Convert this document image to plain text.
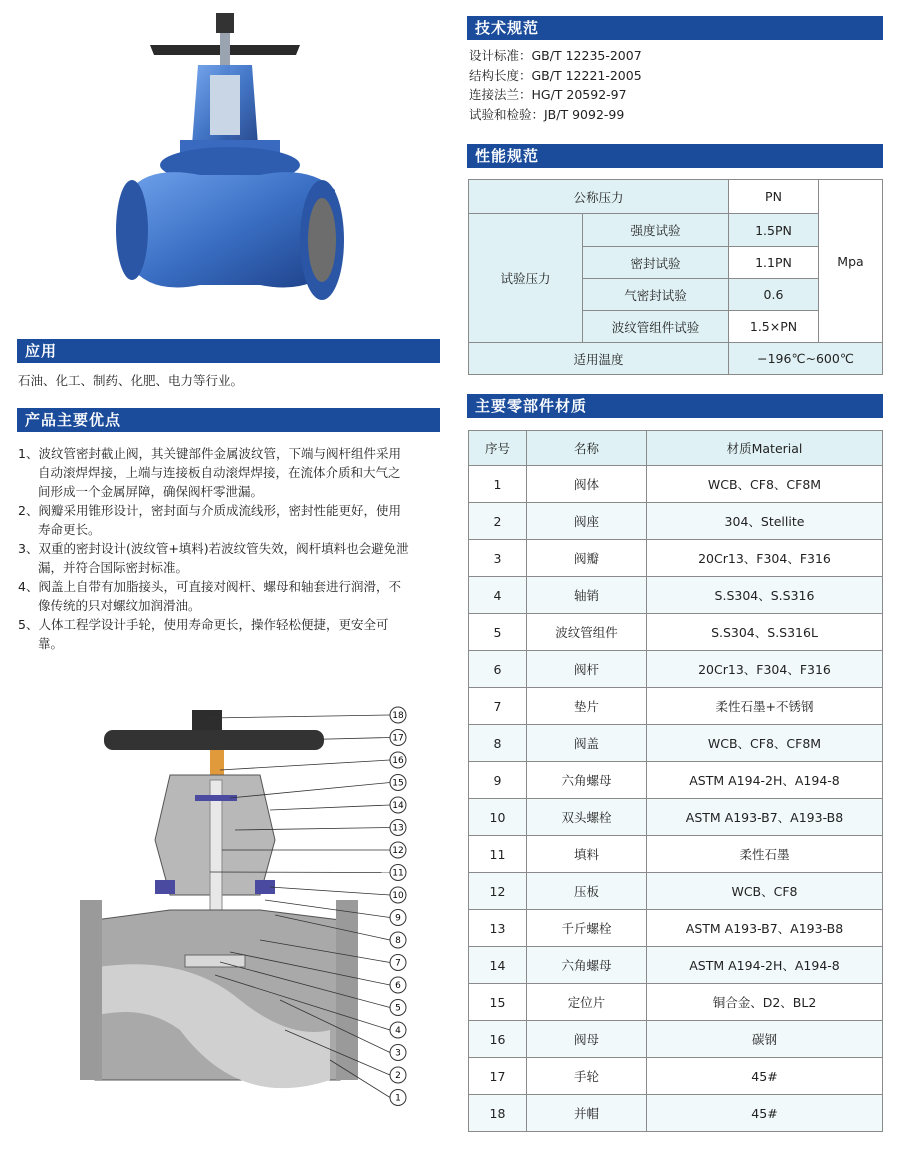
应用
石油、化工、制药、化肥、电力等行业。
产品主要优点
1、波纹管密封截止阀，其关键部件金属波纹管，下端与阀杆组件采用
自动滚焊焊接，上端与连接板自动滚焊焊接，在流体介质和大气之
间形成一个金属屏障，确保阀杆零泄漏。
2、阀瓣采用锥形设计，密封面与介质成流线形，密封性能更好，使用
寿命更长。
3、双重的密封设计(波纹管+填料)若波纹管失效，阀杆填料也会避免泄
漏，并符合国际密封标准。
4、阀盖上自带有加脂接头，可直接对阀杆、螺母和轴套进行润滑，不
像传统的只对螺纹加润滑油。
5、人体工程学设计手轮，使用寿命更长，操作轻松便捷，更安全可
靠。
18
17
16
15
14
13
12
11
10
9
8
7
6
5
4
3
2
1
技术规范
设计标准：GB/T 12235-2007
结构长度：GB/T 12221-2005
连接法兰：HG/T 20592-97
试验和检验：JB/T 9092-99
性能规范
公称压力		PN	Mpa
试验压力	强度试验	1.5PN	
	密封试验	1.1PN	
	气密封试验	0.6	
	波纹管组件试验	1.5×PN	
适用温度		−196℃~600℃	
主要零部件材质
序号	名称	材质Material
1	阀体	WCB、CF8、CF8M
2	阀座	304、Stellite
3	阀瓣	20Cr13、F304、F316
4	轴销	S.S304、S.S316
5	波纹管组件	S.S304、S.S316L
6	阀杆	20Cr13、F304、F316
7	垫片	柔性石墨+不锈钢
8	阀盖	WCB、CF8、CF8M
9	六角螺母	ASTM A194-2H、A194-8
10	双头螺栓	ASTM A193-B7、A193-B8
11	填料	柔性石墨
12	压板	WCB、CF8
13	千斤螺栓	ASTM A193-B7、A193-B8
14	六角螺母	ASTM A194-2H、A194-8
15	定位片	铜合金、D2、BL2
16	阀母	碳钢
17	手轮	45#
18	并帽	45#
